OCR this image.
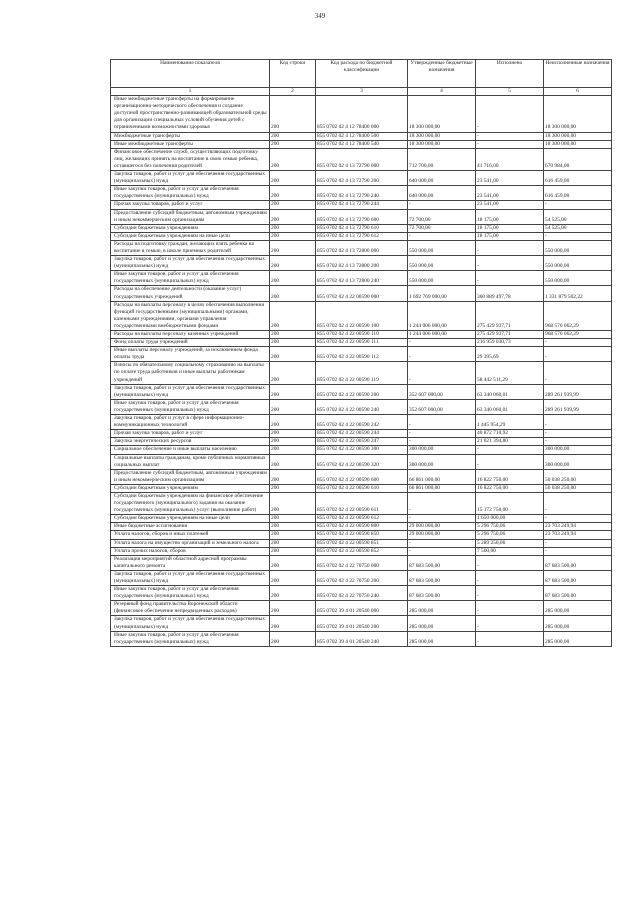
349
Наименование показателя	Код строки	Код расхода по бюджетной классификации	Утвержденные бюджетные назначения	Исполнено	Неисполненные назначения
1	2	3	4	5	6
Иные межбюджетные трансферты на формирование организационно-методического обеспечения и создание доступной пространственно-развивающей образовательной среды для организации специальных условий обучения детей с ограниченными возможностями здоровья	200	855 0702 02 4 12 78400 000	18 300 000,00	-	18 300 000,00
Межбюджетные трансферты	200	855 0702 02 4 12 78400 500	18 300 000,00	-	18 300 000,00
Иные межбюджетные трансферты	200	855 0702 02 4 12 78400 540	18 300 000,00	-	18 300 000,00
Финансовое обеспечение служб, осуществляющих подготовку лиц, желающих принять на воспитание в свою семью ребенка, оставшегося без попечения родителей	200	855 0702 02 4 13 72790 000	712 700,00	41 716,00	670 984,00
Закупка товаров, работ и услуг для обеспечения государственных (муниципальных) нужд	200	855 0702 02 4 13 72790 200	640 000,00	23 541,00	616 459,00
Иные закупки товаров, работ и услуг для обеспечения государственных (муниципальных) нужд	200	855 0702 02 4 13 72790 240	640 000,00	23 541,00	616 459,00
Прочая закупка товаров, работ и услуг	200	855 0702 02 4 13 72790 244	-	23 541,00	-
Предоставление субсидий бюджетным, автономным учреждениям и иным некоммерческим организациям	200	855 0702 02 4 13 72790 600	72 700,00	18 175,00	54 525,00
Субсидии бюджетным учреждениям	200	855 0702 02 4 13 72790 610	72 700,00	18 175,00	54 525,00
Субсидии бюджетным учреждениям на иные цели	200	855 0702 02 4 13 72790 612	-	18 175,00	-
Расходы на подготовку граждан, желающих взять ребенка на воспитание в семью, в школе приемных родителей	200	855 0702 02 4 13 72800 000	550 000,00	-	550 000,00
Закупка товаров, работ и услуг для обеспечения государственных (муниципальных) нужд	200	855 0702 02 4 13 72800 200	550 000,00	-	550 000,00
Иные закупки товаров, работ и услуг для обеспечения государственных (муниципальных) нужд	200	855 0702 02 4 13 72800 240	550 000,00	-	550 000,00
Расходы на обеспечение деятельности (оказание услуг) государственных учреждений	200	855 0702 02 4 22 00590 000	1 692 769 000,00	360 889 497,78	1 331 879 502,22
Расходы на выплаты персоналу в целях обеспечения выполнения функций государственными (муниципальными) органами, казенными учреждениями, органами управления государственными внебюджетными фондами	200	855 0702 02 4 22 00590 100	1 244 006 000,00	275 429 937,71	968 576 062,29
Расходы на выплаты персоналу казенных учреждений	200	855 0702 02 4 22 00590 110	1 244 006 000,00	275 429 937,71	968 576 062,29
Фонд оплаты труда учреждений	200	855 0702 02 4 22 00590 111	-	216 959 030,73	-
Иные выплаты персоналу учреждений, за исключением фонда оплаты труда	200	855 0702 02 4 22 00590 112	-	29 395,69	-
Взносы по обязательному социальному страхованию на выплаты по оплате труда работников и иные выплаты работникам учреждений	200	855 0702 02 4 22 00590 119	-	58 442 511,29	-
Закупка товаров, работ и услуг для обеспечения государственных (муниципальных) нужд	200	855 0702 02 4 22 00590 200	352 607 000,00	63 340 060,01	289 261 939,99
Иные закупки товаров, работ и услуг для обеспечения государственных (муниципальных) нужд	200	855 0702 02 4 22 00590 240	352 607 000,00	63 340 060,01	289 261 939,99
Закупка товаров, работ и услуг в сфере информационно-коммуникационных технологий	200	855 0702 02 4 22 00590 242	-	1 445 954,29	-
Прочая закупка товаров, работ и услуг	200	855 0702 02 4 22 00590 244	-	40 872 710,92	-
Закупка энергетических ресурсов	200	855 0702 02 4 22 00590 247	-	21 021 394,80	-
Социальное обеспечение и иные выплаты населению	200	855 0702 02 4 22 00590 300	300 000,00	-	300 000,00
Социальные выплаты гражданам, кроме публичных нормативных социальных выплат	200	855 0702 02 4 22 00590 320	300 000,00	-	300 000,00
Предоставление субсидий бюджетным, автономным учреждениям и иным некоммерческим организациям	200	855 0702 02 4 22 00590 600	66 861 000,00	16 822 750,00	50 038 250,00
Субсидии бюджетным учреждениям	200	855 0702 02 4 22 00590 610	66 861 000,00	16 822 750,00	50 038 250,00
Субсидии бюджетным учреждениям на финансовое обеспечение государственного (муниципального) задания на оказание государственных (муниципальных) услуг (выполнение работ)	200	855 0702 02 4 22 00590 611	-	15 172 750,00	-
Субсидии бюджетным учреждениям на иные цели	200	855 0702 02 4 22 00590 612	-	1 650 000,00	-
Иные бюджетные ассигнования	200	855 0702 02 4 22 00590 800	29 000 000,00	5 296 750,06	23 703 249,94
Уплата налогов, сборов и иных платежей	200	855 0702 02 4 22 00590 850	29 000 000,00	5 296 750,06	23 703 249,94
Уплата налога на имущество организаций и земельного налога	200	855 0702 02 4 22 00590 851	-	5 289 250,06	-
Уплата прочих налогов, сборов	200	855 0702 02 4 22 00590 852	-	7 500,00	-
Реализация мероприятий областной адресной программы капитального ремонта	200	855 0702 02 4 22 70750 000	87 683 500,00	-	87 683 500,00
Закупка товаров, работ и услуг для обеспечения государственных (муниципальных) нужд	200	855 0702 02 4 22 70750 200	87 683 500,00	-	87 683 500,00
Иные закупки товаров, работ и услуг для обеспечения государственных (муниципальных) нужд	200	855 0702 02 4 22 70750 240	87 683 500,00	-	87 683 500,00
Резервный фонд правительства Воронежской области (финансовое обеспечение непредвиденных расходов)	200	855 0702 39 4 01 20540 000	285 000,00	-	285 000,00
Закупка товаров, работ и услуг для обеспечения государственных (муниципальных) нужд	200	855 0702 39 4 01 20540 200	285 000,00	-	285 000,00
Иные закупки товаров, работ и услуг для обеспечения государственных (муниципальных) нужд	200	855 0702 39 4 01 20540 240	285 000,00	-	285 000,00
